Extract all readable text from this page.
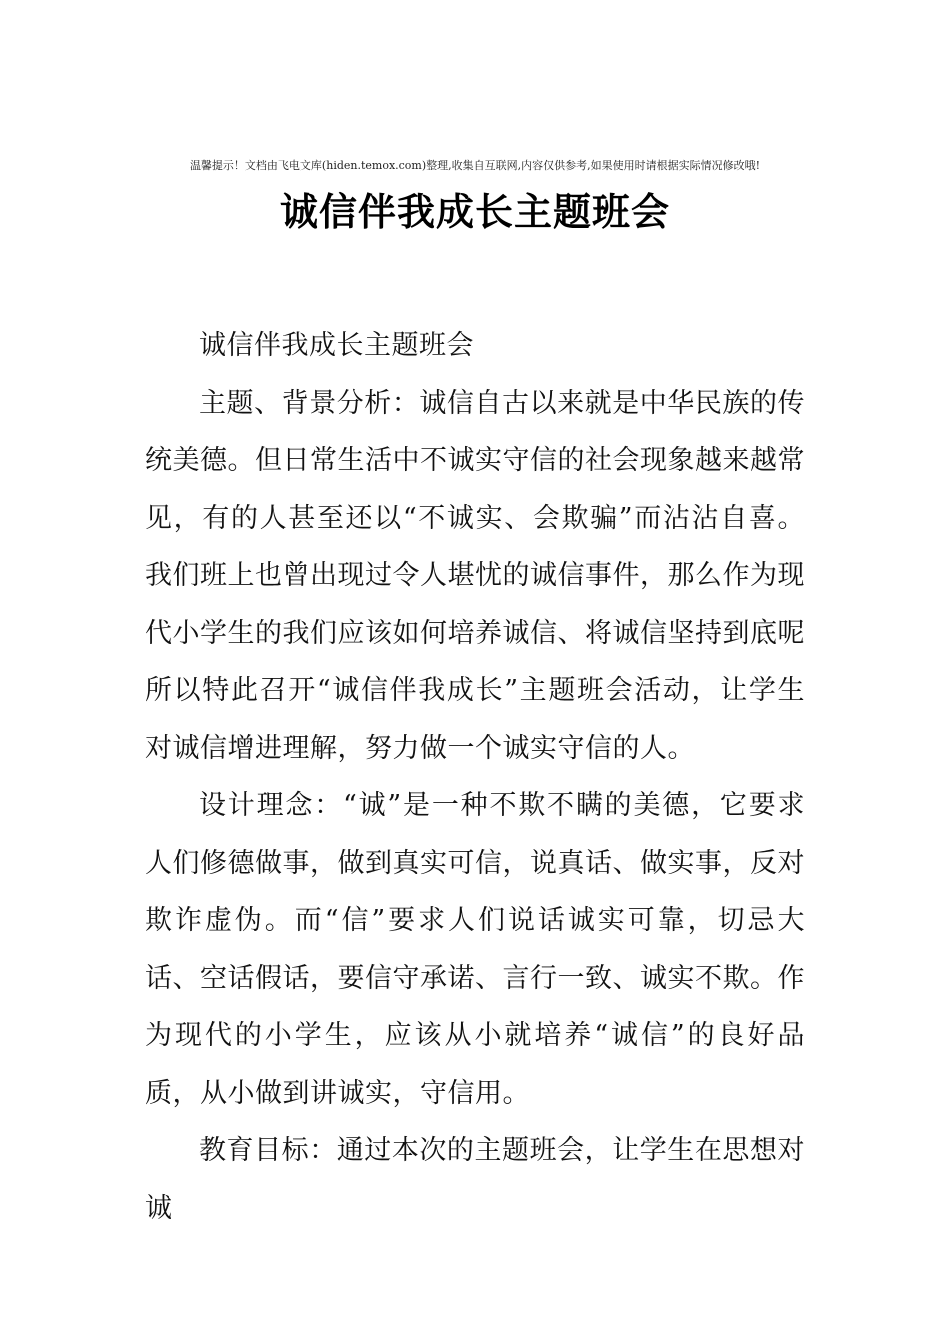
温馨提示！文档由飞电文库(hiden.temox.com)整理,收集自互联网,内容仅供参考,如果使用时请根据实际情况修改哦!
诚信伴我成长主题班会

诚信伴我成长主题班会

主题、背景分析：诚信自古以来就是中华民族的传统美德。但日常生活中不诚实守信的社会现象越来越常见，有的人甚至还以“不诚实、会欺骗”而沾沾自喜。我们班上也曾出现过令人堪忧的诚信事件，那么作为现代小学生的我们应该如何培养诚信、将诚信坚持到底呢所以特此召开“诚信伴我成长”主题班会活动，让学生对诚信增进理解，努力做一个诚实守信的人。

设计理念：“诚”是一种不欺不瞒的美德，它要求人们修德做事，做到真实可信，说真话、做实事，反对欺诈虚伪。而“信”要求人们说话诚实可靠，切忌大话、空话假话，要信守承诺、言行一致、诚实不欺。作为现代的小学生，应该从小就培养“诚信”的良好品质，从小做到讲诚实，守信用。

教育目标：通过本次的主题班会，让学生在思想对诚
